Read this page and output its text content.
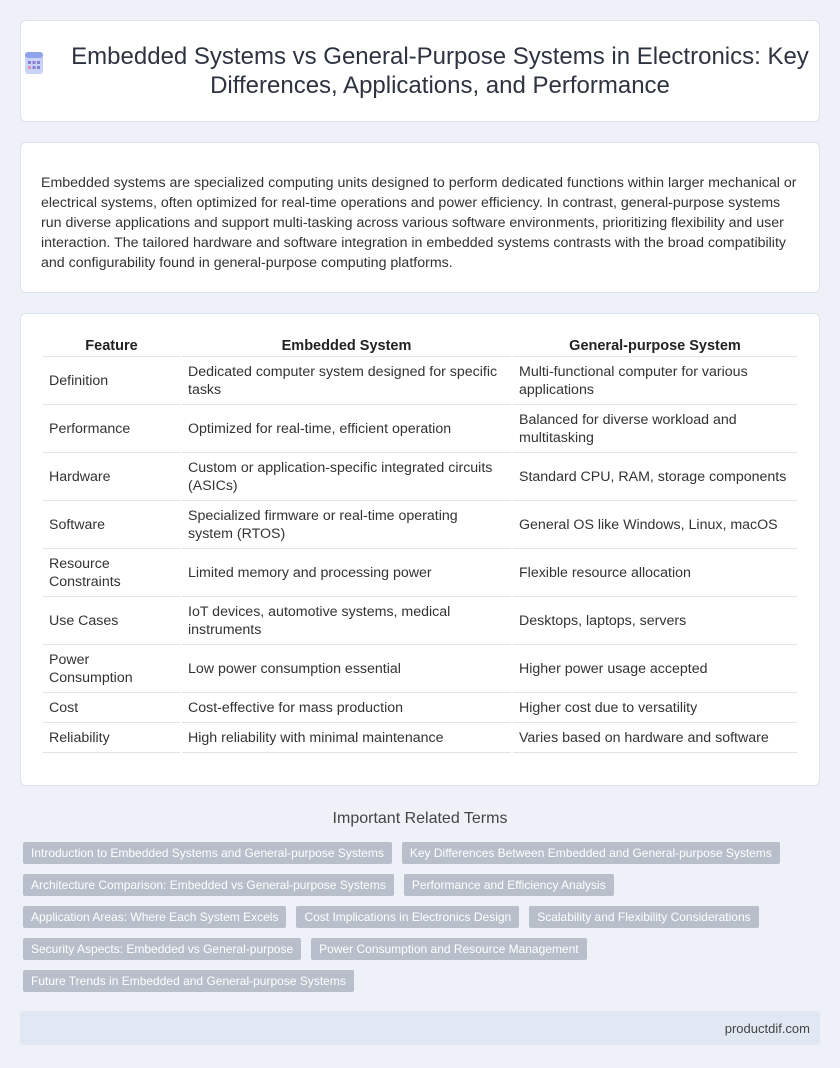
Embedded Systems vs General-Purpose Systems in Electronics: Key Differences, Applications, and Performance

Embedded systems are specialized computing units designed to perform dedicated functions within larger mechanical or electrical systems, often optimized for real-time operations and power efficiency. In contrast, general-purpose systems run diverse applications and support multi-tasking across various software environments, prioritizing flexibility and user interaction. The tailored hardware and software integration in embedded systems contrasts with the broad compatibility and configurability found in general-purpose computing platforms.

Feature	Embedded System	General-purpose System
Definition	Dedicated computer system designed for specific tasks	Multi-functional computer for various applications
Performance	Optimized for real-time, efficient operation	Balanced for diverse workload and multitasking
Hardware	Custom or application-specific integrated circuits (ASICs)	Standard CPU, RAM, storage components
Software	Specialized firmware or real-time operating system (RTOS)	General OS like Windows, Linux, macOS
Resource Constraints	Limited memory and processing power	Flexible resource allocation
Use Cases	IoT devices, automotive systems, medical instruments	Desktops, laptops, servers
Power Consumption	Low power consumption essential	Higher power usage accepted
Cost	Cost-effective for mass production	Higher cost due to versatility
Reliability	High reliability with minimal maintenance	Varies based on hardware and software
Important Related Terms
Introduction to Embedded Systems and General-purpose Systems	Key Differences Between Embedded and General-purpose Systems
Architecture Comparison: Embedded vs General-purpose Systems	Performance and Efficiency Analysis
Application Areas: Where Each System Excels	Cost Implications in Electronics Design	Scalability and Flexibility Considerations
Security Aspects: Embedded vs General-purpose	Power Consumption and Resource Management
Future Trends in Embedded and General-purpose Systems
productdif.com
